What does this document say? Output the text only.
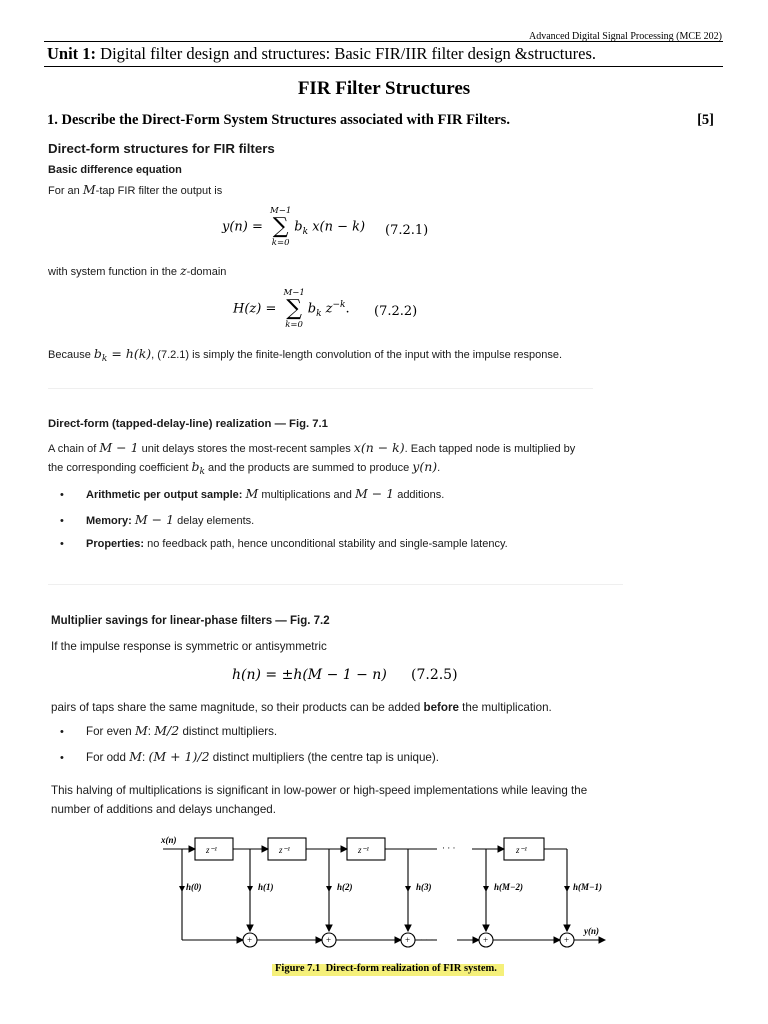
Advanced Digital Signal Processing (MCE 202)
Unit 1: Digital filter design and structures: Basic FIR/IIR filter design &structures.
FIR Filter Structures
1. Describe the Direct-Form System Structures associated with FIR Filters.	[5]
Direct-form structures for FIR filters
Basic difference equation
For an M-tap FIR filter the output is
y(n) =
M−1
∑
k=0
$b_k$ x(n − k) (7.2.1)
with system function in the z-domain
H(z) =
M−1
∑
k=0
$b_k$ $z^{-k}$. (7.2.2)
Because $b_k = h(k)$, (7.2.1) is simply the finite-length convolution of the input with the impulse response.
Direct-form (tapped-delay-line) realization — Fig. 7.1
A chain of M − 1 unit delays stores the most-recent samples x(n − k). Each tapped node is multiplied by
the corresponding coefficient $b_k$ and the products are summed to produce y(n).
• Arithmetic per output sample: M multiplications and M − 1 additions.
• Memory: M − 1 delay elements.
• Properties: no feedback path, hence unconditional stability and single-sample latency.
Multiplier savings for linear-phase filters — Fig. 7.2
If the impulse response is symmetric or antisymmetric
h(n) = ±h(M − 1 − n) (7.2.5)
pairs of taps share the same magnitude, so their products can be added before the multiplication.
• For even M: M/2 distinct multipliers.
• For odd M: (M + 1)/2 distinct multipliers (the centre tap is unique).
This halving of multiplications is significant in low-power or high-speed implementations while leaving the
number of additions and delays unchanged.
x(n)
y(n)
z⁻¹	z⁻¹	z⁻¹	z⁻¹
· · ·
· · ·
h(0)	h(1)	h(2)	h(3)	h(M−2)	h(M−1)
+	+	+	+	+
Figure 7.1 Direct-form realization of FIR system.
